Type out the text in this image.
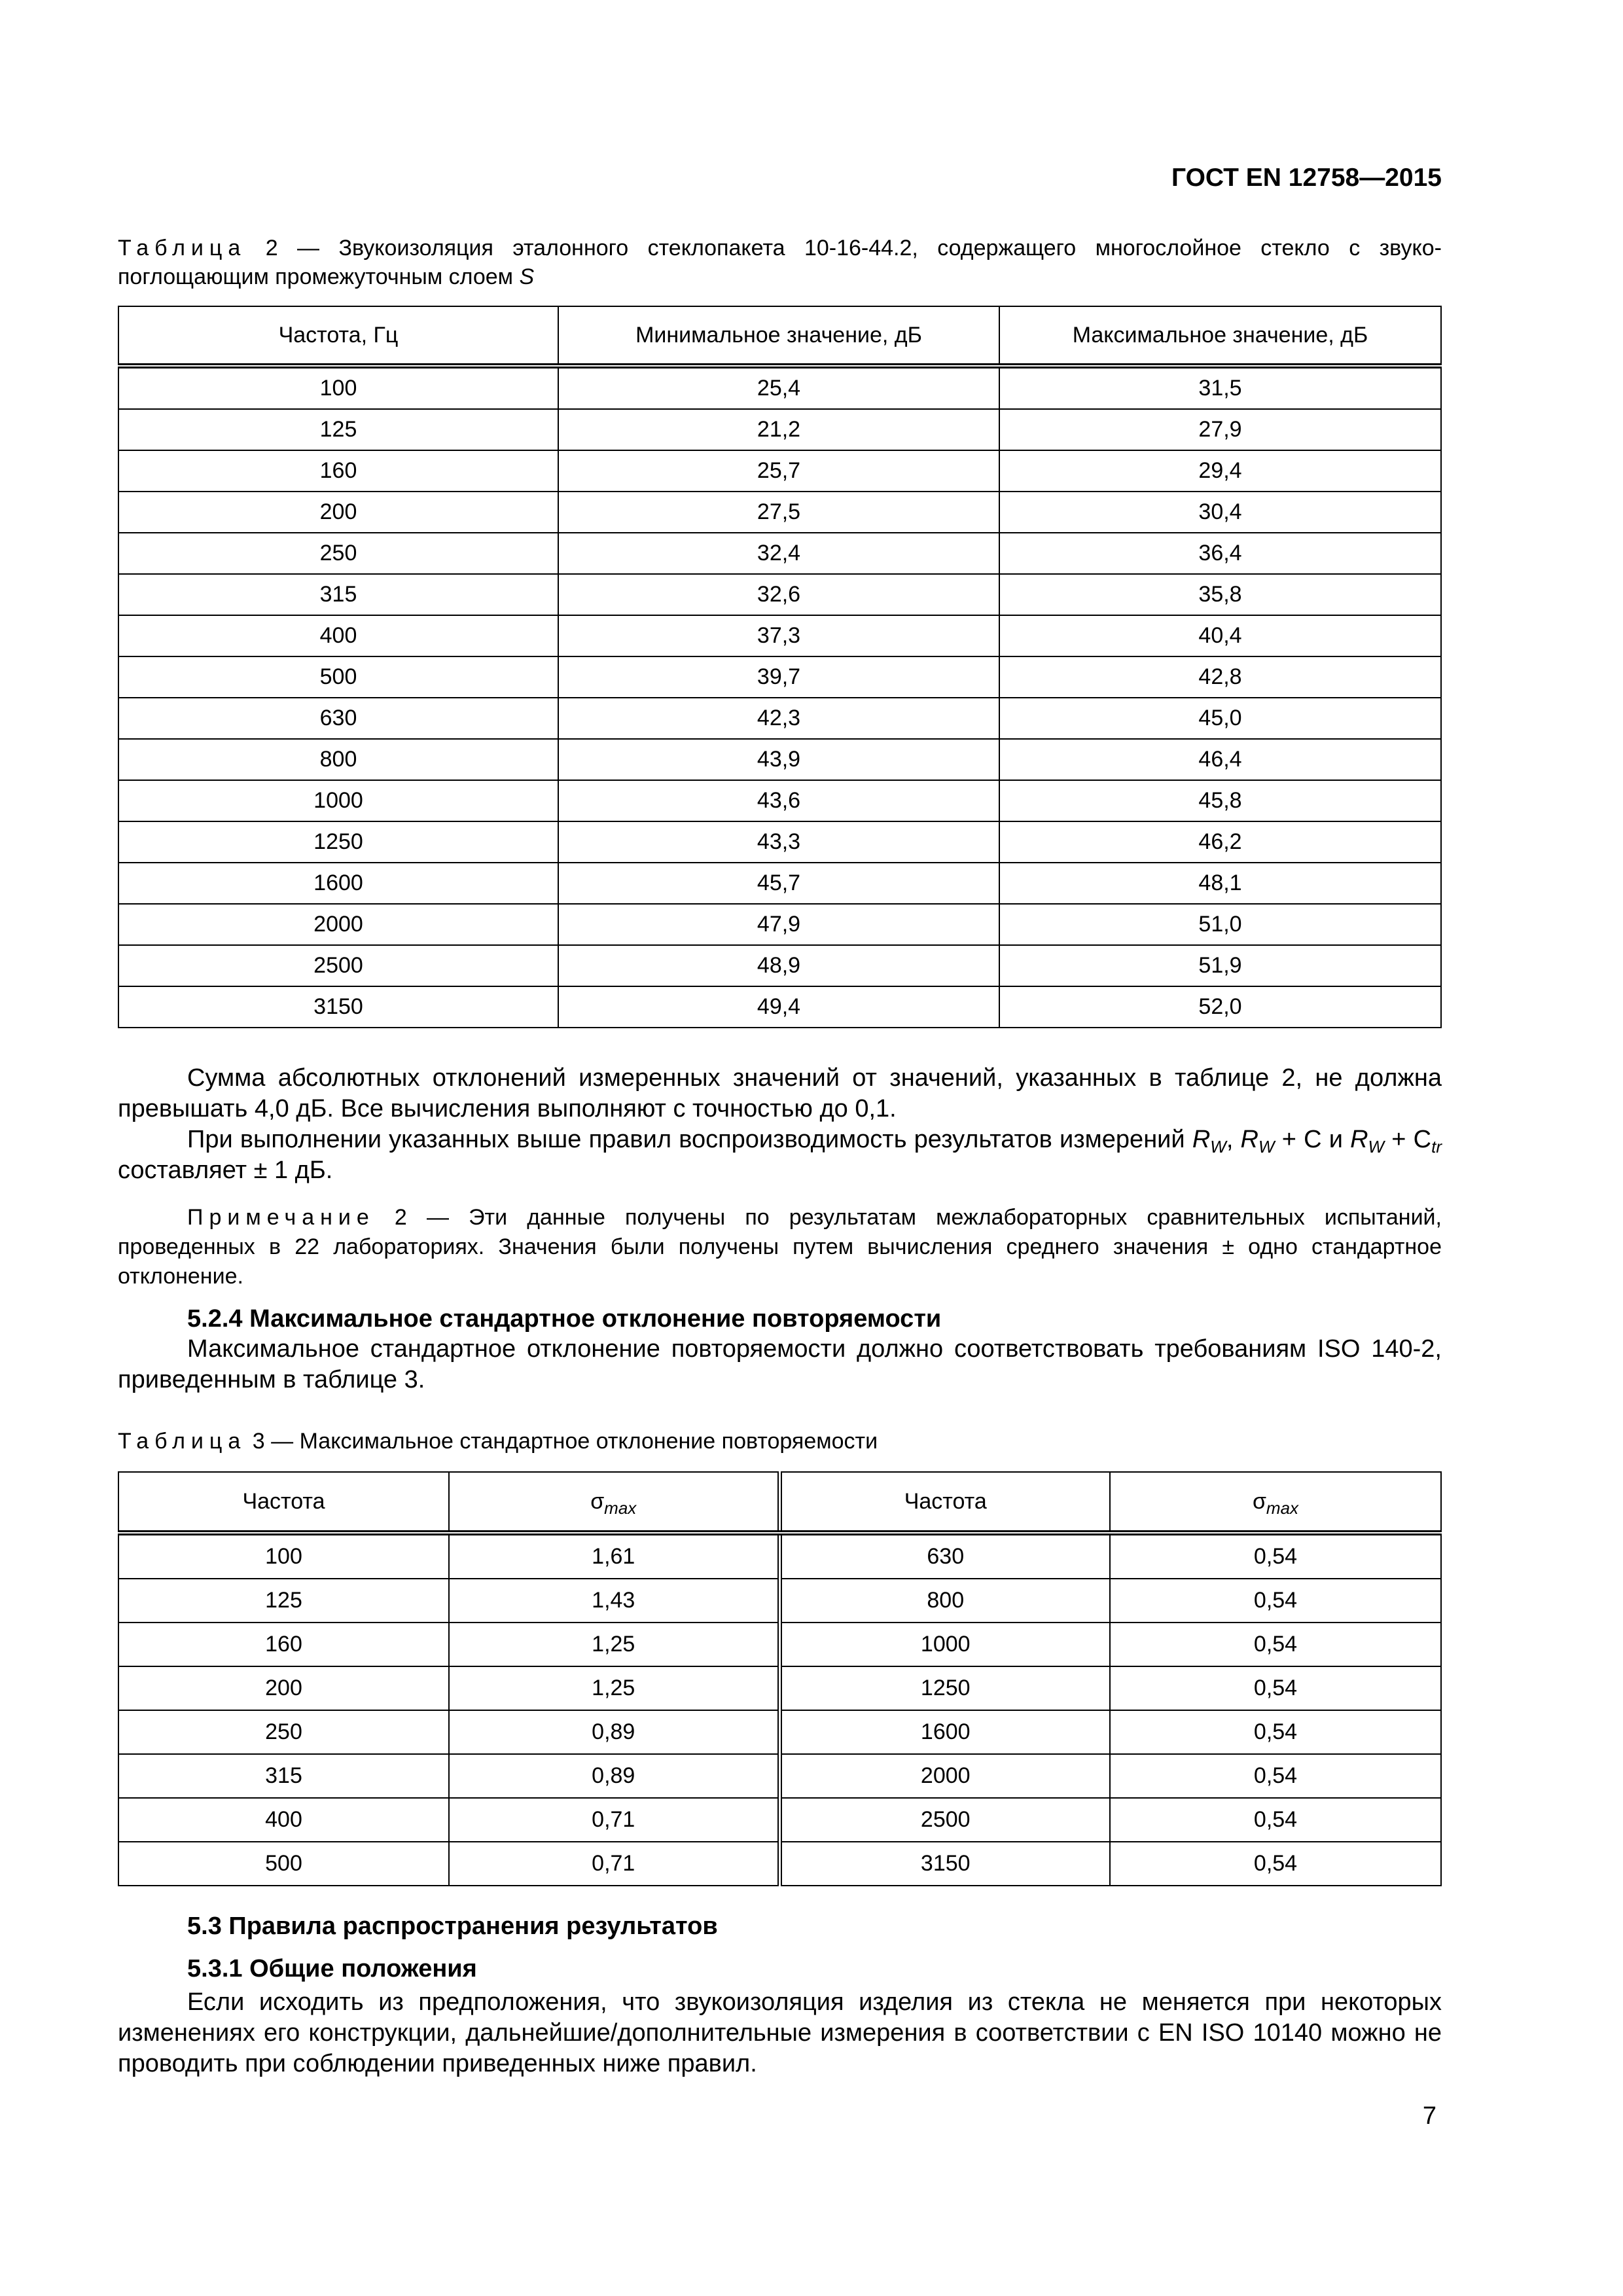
ГОСТ EN 12758—2015
Таблица 2 — Звукоизоляция эталонного стеклопакета 10-16-44.2, содержащего многослойное стекло с звуко-поглощающим промежуточным слоем S
Частота, Гц	Минимальное значение, дБ	Максимальное значение, дБ
100	25,4	31,5
125	21,2	27,9
160	25,7	29,4
200	27,5	30,4
250	32,4	36,4
315	32,6	35,8
400	37,3	40,4
500	39,7	42,8
630	42,3	45,0
800	43,9	46,4
1000	43,6	45,8
1250	43,3	46,2
1600	45,7	48,1
2000	47,9	51,0
2500	48,9	51,9
3150	49,4	52,0
Сумма абсолютных отклонений измеренных значений от значений, указанных в таблице 2, не должна превышать 4,0 дБ. Все вычисления выполняют с точностью до 0,1.
При выполнении указанных выше правил воспроизводимость результатов измерений $R_W$, $R_W + C$ и $R_W + C_{tr}$ составляет ± 1 дБ.
Примечание 2 — Эти данные получены по результатам межлабораторных сравнительных испытаний, проведенных в 22 лабораториях. Значения были получены путем вычисления среднего значения ± одно стандартное отклонение.
5.2.4 Максимальное стандартное отклонение повторяемости
Максимальное стандартное отклонение повторяемости должно соответствовать требованиям ISO 140-2, приведенным в таблице 3.
Таблица 3 — Максимальное стандартное отклонение повторяемости
Частота	$\sigma_{max}$	Частота	$\sigma_{max}$
100	1,61	630	0,54
125	1,43	800	0,54
160	1,25	1000	0,54
200	1,25	1250	0,54
250	0,89	1600	0,54
315	0,89	2000	0,54
400	0,71	2500	0,54
500	0,71	3150	0,54
5.3 Правила распространения результатов
5.3.1 Общие положения
Если исходить из предположения, что звукоизоляция изделия из стекла не меняется при некоторых изменениях его конструкции, дальнейшие/дополнительные измерения в соответствии с EN ISO 10140 можно не проводить при соблюдении приведенных ниже правил.
7
